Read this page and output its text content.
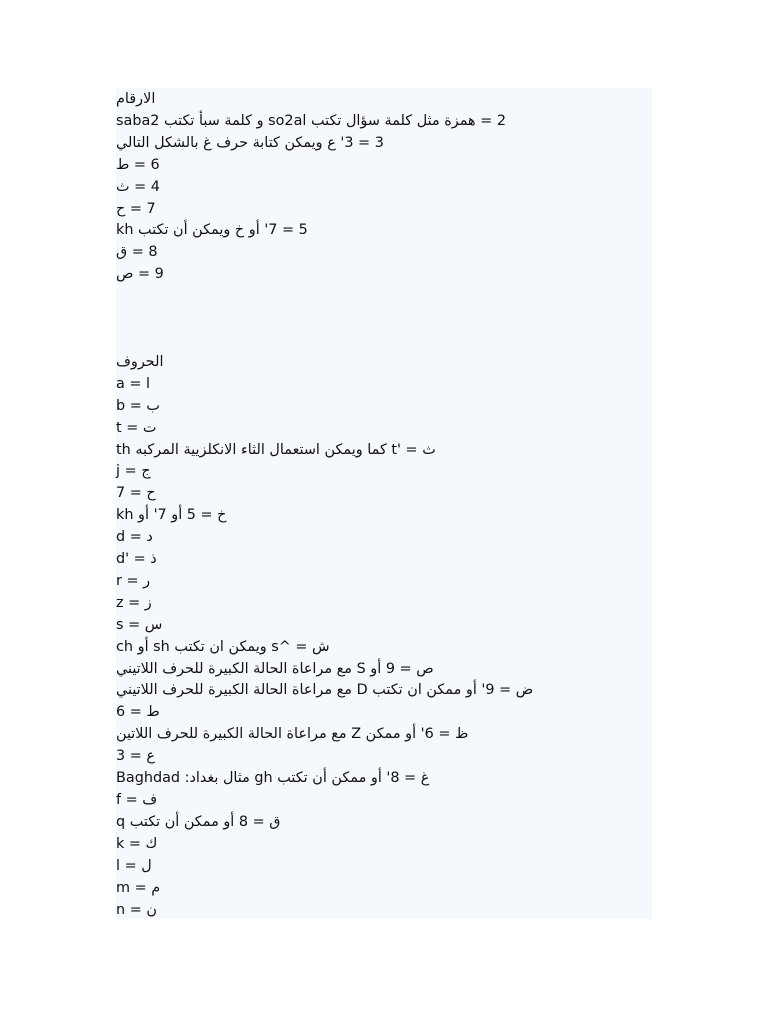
الارقام
2 = همزة مثل كلمة سؤال تكتب so2al و كلمة سبأ تكتب saba2
3 = 3' ع ويمكن كتابة حرف غ بالشكل التالي
6 = ط
4 = ث
7 = ح
5 = 7' أو خ ويمكن أن تكتب kh
8 = ق
9 = ص
الحروف
ا = a
ب = b
ت = t
ث = 't كما ويمكن استعمال الثاء الانكلزيية المركبه th
ج = j
ح = 7
خ = 5 أو 7' أو kh
د = d
ذ = 'd
ر = r
ز = z
س = s
ش = ^s ويمكن ان تكتب sh أو ch
ص = 9 أو S مع مراعاة الحالة الكبيرة للحرف اللاتيني
ض = 9' أو ممكن ان تكتب D مع مراعاة الحالة الكبيرة للحرف اللاتيني
ط = 6
ظ = 6' أو ممكن Z مع مراعاة الحالة الكبيرة للحرف اللاتين
ع = 3
غ = 8' أو ممكن أن تكتب gh مثال بغداد: Baghdad
ف = f
ق = 8 أو ممكن أن تكتب q
ك = k
ل = l
م = m
ن = n
